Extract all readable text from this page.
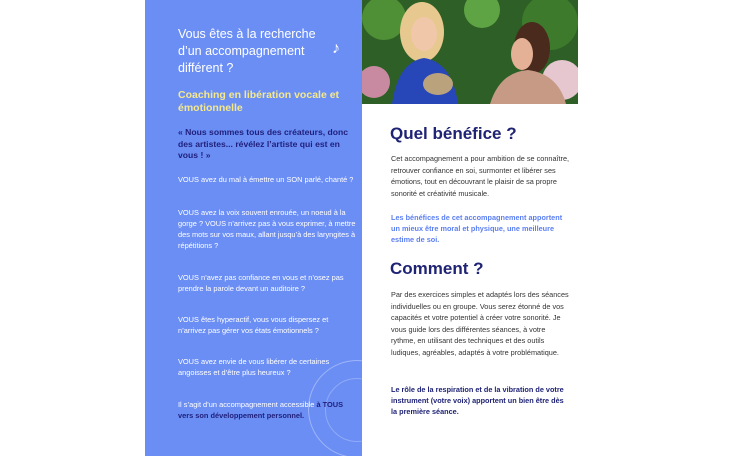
Vous êtes à la recherche d’un accompagnement différent ?
♪
Coaching en libération vocale et émotionnelle
« Nous sommes tous des créateurs, donc des artistes... révélez l’artiste qui est en vous ! »
VOUS avez du mal à émettre un SON parlé, chanté ?
VOUS avez la voix souvent enrouée, un noeud à la gorge ? VOUS n’arrivez pas à vous exprimer, à mettre des mots sur vos maux, allant jusqu’à des laryngites à répétitions ?
VOUS n’avez pas confiance en vous et n’osez pas prendre la parole devant un auditoire ?
VOUS êtes hyperactif, vous vous dispersez et n’arrivez pas gérer vos états émotionnels ?
VOUS avez envie de vous libérer de certaines angoisses et d’être plus heureux ?
Il s’agit d’un accompagnement accessible à TOUS vers son développement personnel.
Quel bénéfice ?
Cet accompagnement a pour ambition de se connaître, retrouver confiance en soi, surmonter et libérer ses émotions, tout en découvrant le plaisir de sa propre sonorité et créativité musicale.
Les bénéfices de cet accompagnement apportent un mieux être moral et physique, une meilleure estime de soi.
Comment ?
Par des exercices simples et adaptés lors des séances individuelles ou en groupe. Vous serez étonné de vos capacités et votre potentiel à créer votre sonorité. Je vous guide lors des différentes séances, à votre rythme, en utilisant des techniques et des outils ludiques, agréables, adaptés à votre problématique.
Le rôle de la respiration et de la vibration de votre instrument (votre voix) apportent un bien être dès la première séance.
